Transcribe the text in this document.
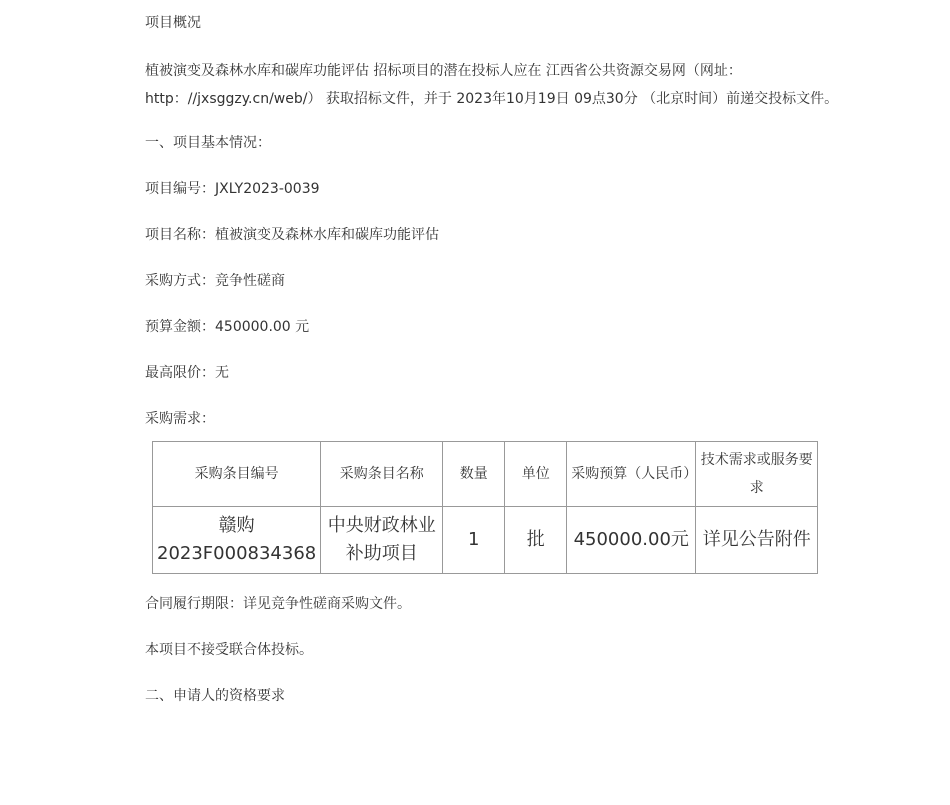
项目概况

植被演变及森林水库和碳库功能评估 招标项目的潜在投标人应在 江西省公共资源交易网（网址：

http：//jxsggzy.cn/web/） 获取招标文件，并于 2023年10月19日 09点30分 （北京时间）前递交投标文件。

一、项目基本情况：

项目编号：JXLY2023-0039

项目名称：植被演变及森林水库和碳库功能评估

采购方式：竞争性磋商

预算金额：450000.00 元

最高限价：无

采购需求：

采购条目编号	采购条目名称	数量	单位	采购预算（人民币）	技术需求或服务要求
赣购2023F000834368	中央财政林业补助项目	1	批	450000.00元	详见公告附件

合同履行期限：详见竞争性磋商采购文件。

本项目不接受联合体投标。

二、申请人的资格要求
